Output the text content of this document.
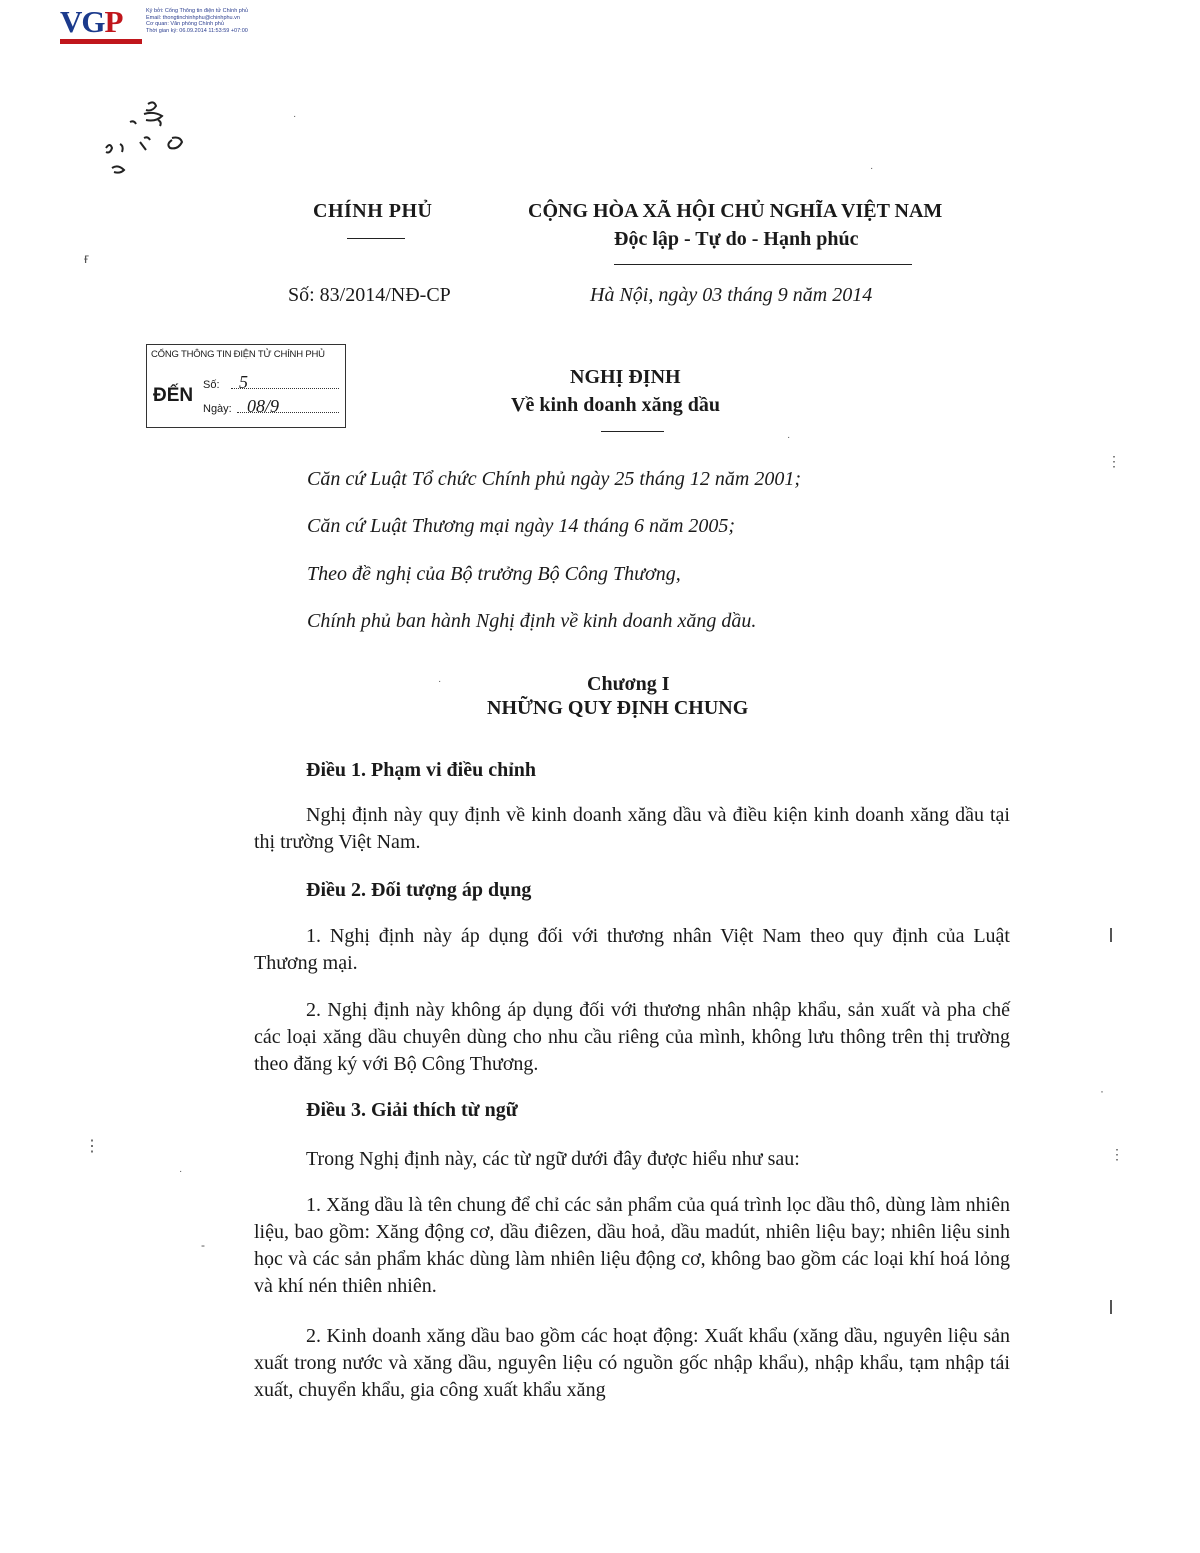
VGP	Ký bởi: Cổng Thông tin điện tử Chính phủ
Email: thongtinchinhphu@chinhphu.vn
Cơ quan: Văn phòng Chính phủ
Thời gian ký: 06.09.2014 11:53:59 +07:00
·
·
ғ
⋮
·
·
·
⋮
⋮
-
·
CHÍNH PHỦ	CỘNG HÒA XÃ HỘI CHỦ NGHĨA VIỆT NAM
Độc lập - Tự do - Hạnh phúc
Số: 83/2014/NĐ-CP	Hà Nội, ngày 03 tháng 9 năm 2014
CỔNG THÔNG TIN ĐIỆN TỬ CHÍNH PHỦ
ĐẾN Số: 5
Ngày: 08/9
NGHỊ ĐỊNH
Về kinh doanh xăng dầu
Căn cứ Luật Tổ chức Chính phủ ngày 25 tháng 12 năm 2001;
Căn cứ Luật Thương mại ngày 14 tháng 6 năm 2005;
Theo đề nghị của Bộ trưởng Bộ Công Thương,
Chính phủ ban hành Nghị định về kinh doanh xăng dầu.
Chương I
NHỮNG QUY ĐỊNH CHUNG
Điều 1. Phạm vi điều chỉnh

Nghị định này quy định về kinh doanh xăng dầu và điều kiện kinh doanh xăng dầu tại thị trường Việt Nam.

Điều 2. Đối tượng áp dụng

1. Nghị định này áp dụng đối với thương nhân Việt Nam theo quy định của Luật Thương mại.

2. Nghị định này không áp dụng đối với thương nhân nhập khẩu, sản xuất và pha chế các loại xăng dầu chuyên dùng cho nhu cầu riêng của mình, không lưu thông trên thị trường theo đăng ký với Bộ Công Thương.

Điều 3. Giải thích từ ngữ

Trong Nghị định này, các từ ngữ dưới đây được hiểu như sau:

1. Xăng dầu là tên chung để chỉ các sản phẩm của quá trình lọc dầu thô, dùng làm nhiên liệu, bao gồm: Xăng động cơ, dầu điêzen, dầu hoả, dầu madút, nhiên liệu bay; nhiên liệu sinh học và các sản phẩm khác dùng làm nhiên liệu động cơ, không bao gồm các loại khí hoá lỏng và khí nén thiên nhiên.

2. Kinh doanh xăng dầu bao gồm các hoạt động: Xuất khẩu (xăng dầu, nguyên liệu sản xuất trong nước và xăng dầu, nguyên liệu có nguồn gốc nhập khẩu), nhập khẩu, tạm nhập tái xuất, chuyển khẩu, gia công xuất khẩu xăng
